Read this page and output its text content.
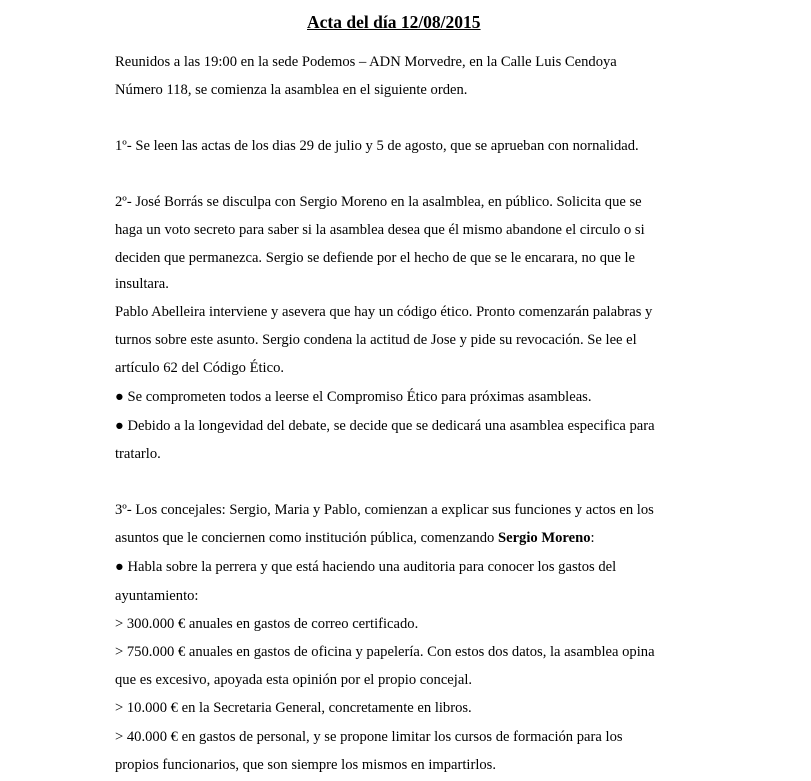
Acta del día 12/08/2015
Reunidos a las 19:00 en la sede Podemos – ADN Morvedre, en la Calle Luis Cendoya
Número 118, se comienza la asamblea en el siguiente orden.
1º- Se leen las actas de los dias 29 de julio y 5 de agosto, que se aprueban con nornalidad.
2º- José Borrás se disculpa con Sergio Moreno en la asalmblea, en público. Solicita que se
haga un voto secreto para saber si la asamblea desea que él mismo abandone el circulo o si
deciden que permanezca. Sergio se defiende por el hecho de que se le encarara, no que le
insultara.
Pablo Abelleira interviene y asevera que hay un código ético. Pronto comenzarán palabras y
turnos sobre este asunto. Sergio condena la actitud de Jose y pide su revocación. Se lee el
artículo 62 del Código Ético.
● Se comprometen todos a leerse el Compromiso Ético para próximas asambleas.
● Debido a la longevidad del debate, se decide que se dedicará una asamblea especifica para
tratarlo.
3º- Los concejales: Sergio, Maria y Pablo, comienzan a explicar sus funciones y actos en los
asuntos que le conciernen como institución pública, comenzando Sergio Moreno:
● Habla sobre la perrera y que está haciendo una auditoria para conocer los gastos del
ayuntamiento:
> 300.000 € anuales en gastos de correo certificado.
> 750.000 € anuales en gastos de oficina y papelería. Con estos dos datos, la asamblea opina
que es excesivo, apoyada esta opinión por el propio concejal.
> 10.000 € en la Secretaria General, concretamente en libros.
> 40.000 € en gastos de personal, y se propone limitar los cursos de formación para los
propios funcionarios, que son siempre los mismos en impartirlos.
